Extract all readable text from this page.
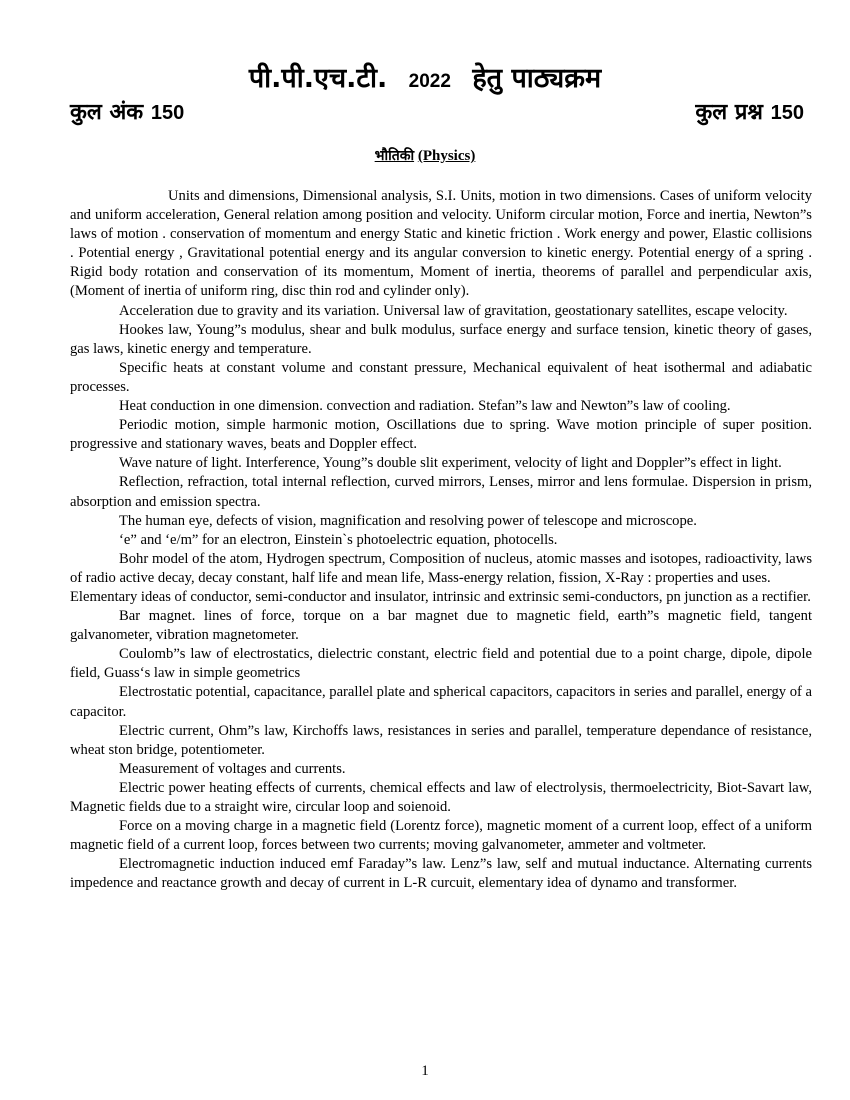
पी.पी.एच.टी. 2022 हेतु पाठ्यक्रम
कुल अंक 150	कुल प्रश्न 150
भौतिकी (Physics)

Units and dimensions, Dimensional analysis, S.I. Units, motion in two dimensions. Cases of uniform velocity and uniform acceleration, General relation among position and velocity. Uniform circular motion, Force and inertia, Newton”s laws of motion . conservation of momentum and energy Static and kinetic friction . Work energy and power, Elastic collisions . Potential energy , Gravitational potential energy and its angular conversion to kinetic energy. Potential energy of a spring . Rigid body rotation and conservation of its momentum, Moment of inertia, theorems of parallel and perpendicular axis, (Moment of inertia of uniform ring, disc thin rod and cylinder only).

Acceleration due to gravity and its variation. Universal law of gravitation, geostationary satellites, escape velocity.

Hookes law, Young”s modulus, shear and bulk modulus, surface energy and surface tension, kinetic theory of gases, gas laws, kinetic energy and temperature.

Specific heats at constant volume and constant pressure, Mechanical equivalent of heat isothermal and adiabatic processes.

Heat conduction in one dimension. convection and radiation. Stefan”s law and Newton”s law of cooling.

Periodic motion, simple harmonic motion, Oscillations due to spring. Wave motion principle of super position. progressive and stationary waves, beats and Doppler effect.

Wave nature of light. Interference, Young”s double slit experiment, velocity of light and Doppler”s effect in light.

Reflection, refraction, total internal reflection, curved mirrors, Lenses, mirror and lens formulae. Dispersion in prism, absorption and emission spectra.

The human eye, defects of vision, magnification and resolving power of telescope and microscope.

‘e” and ‘e/m” for an electron, Einstein`s photoelectric equation, photocells.

Bohr model of the atom, Hydrogen spectrum, Composition of nucleus, atomic masses and isotopes, radioactivity, laws of radio active decay, decay constant, half life and mean life, Mass-energy relation, fission, X-Ray : properties and uses.

Elementary ideas of conductor, semi-conductor and insulator, intrinsic and extrinsic semi-conductors, pn junction as a rectifier.

Bar magnet. lines of force, torque on a bar magnet due to magnetic field, earth”s magnetic field, tangent galvanometer, vibration magnetometer.

Coulomb”s law of electrostatics, dielectric constant, electric field and potential due to a point charge, dipole, dipole field, Guass‘s law in simple geometrics

Electrostatic potential, capacitance, parallel plate and spherical capacitors, capacitors in series and parallel, energy of a capacitor.

Electric current, Ohm”s law, Kirchoffs laws, resistances in series and parallel, temperature dependance of resistance, wheat ston bridge, potentiometer.

Measurement of voltages and currents.

Electric power heating effects of currents, chemical effects and law of electrolysis, thermoelectricity, Biot-Savart law, Magnetic fields due to a straight wire, circular loop and soienoid.

Force on a moving charge in a magnetic field (Lorentz force), magnetic moment of a current loop, effect of a uniform magnetic field of a current loop, forces between two currents; moving galvanometer, ammeter and voltmeter.

Electromagnetic induction induced emf Faraday”s law. Lenz”s law, self and mutual inductance. Alternating currents impedence and reactance growth and decay of current in L-R curcuit, elementary idea of dynamo and transformer.

1
